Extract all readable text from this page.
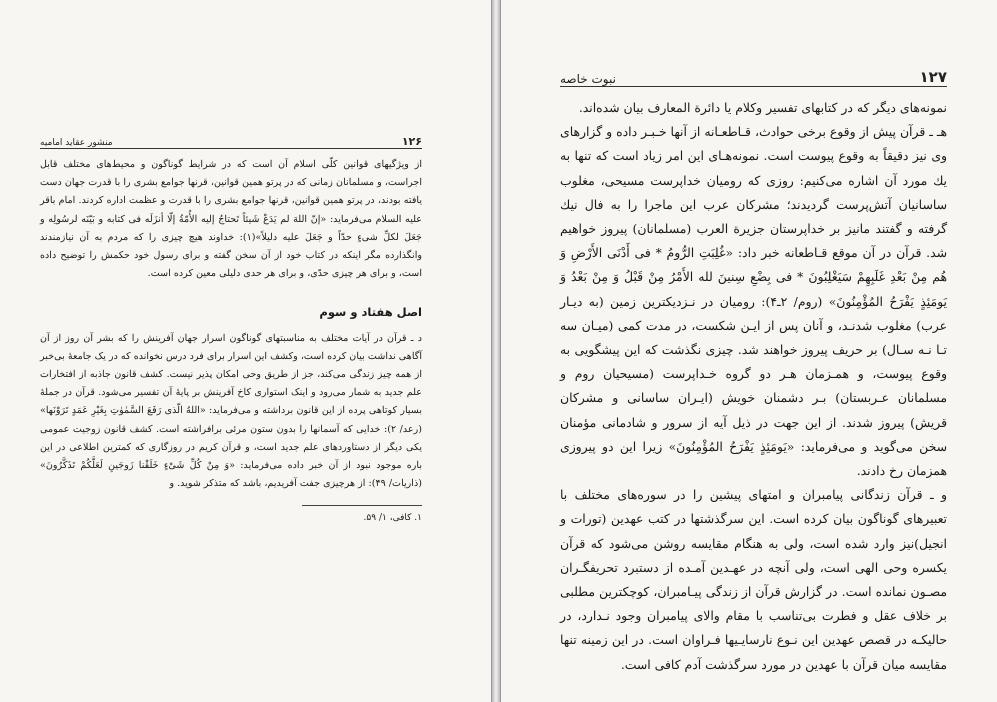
۱۲۶
منشور عقاید امامیه

از ویژگیهای قوانین کلّی اسلام آن است که در شرایط گوناگون و محیط‌های مختلف قابل اجراست، و مسلمانان زمانی که در پرتو همین قوانین، قرنها جوامع بشری را با قدرت جهان دست یافته بودند، در پرتو همین قوانین، قرنها جوامع بشری را با قدرت و عظمت اداره کردند. امام باقر علیه السلام می‌فرماید: «إنّ اللهَ لم یَدَعْ شَیئاً تَحتاجُ إلیه الأُمّةُ إلّا أنزَلَه فی کتابه و بَیّنَه لرسُولِه و جَعَلَ لکلِّ شیءٍ حدّاً و جَعَلَ علیه دلیلاً»(۱): خداوند هیچ چیزی را که مردم به آن نیازمندند وانگذارده مگر اینکه در کتاب خود از آن سخن گفته و برای رسول خود حکمش را توضیح داده است، و برای هر چیزی حدّی، و برای هر حدی دلیلی معین کرده است.

اصل هفتاد و سوم

د ـ قرآن در آیات مختلف به مناسبتهای گوناگون اسرار جهان آفرینش را که بشر آن روز از آن آگاهی نداشت بیان کرده است، وکشف این اسرار برای فرد درس نخوانده که در یک جامعهٔ بی‌خبر از همه چیز زندگی می‌کند، جز از طریق وحی امکان پذیر نیست. کشف قانون جاذبه از افتخارات علم جدید به شمار می‌رود و اینک استواری کاخ آفرینش بر پایهٔ آن تفسیر می‌شود. قرآن در جملهٔ بسیار کوتاهی پرده از این قانون برداشته و می‌فرماید: «اللهُ الّذی رَفَعَ السَّمٰوٰتِ بِغَیْرِ عَمَدٍ تَرَوْنَها» (رعد/ ۲): خدایی که آسمانها را بدون ستون مرئی برافراشته است. کشف قانون زوجیت عمومی یکی دیگر از دستاوردهای علم جدید است، و قرآن کریم در روزگاری که کمترین اطلاعی در این باره موجود نبود از آن خبر داده می‌فرماید: «وَ مِنْ کُلِّ شَیْءٍ خَلَقْنا زَوجَینِ لَعَلَّکُمْ تَذَکَّرُونَ» (ذاریات/ ۴۹): از هرچیزی جفت آفریدیم، باشد که متذکر شوید. و

۱. کافی، ۱/ ۵۹.
۱۲۷
نبوت خاصه

نمونه‌های دیگر که در کتابهای تفسیر وکلام یا دائرة المعارف بیان شده‌اند.

هـ ـ قرآن پیش از وقوع برخی حوادث، قـاطعـانه از آنها خـبـر داده و گزارهای وی نیز دقیقاً به وقوع پیوست است. نمونه‌هـای این امر زیاد است که تنها به یك مورد آن اشاره می‌کنیم: روزی که رومیان خداپرست مسیحی، مغلوب ساسانیان آتش‌پرست گردیدند؛ مشرکان عرب این ماجرا را به فال نیك گرفته و گفتند مانیز بر خداپرستان جزیرة العرب (مسلمانان) پیروز خواهیم شد. قرآن در آن موقع قـاطعانه خبر داد: «غُلِبَتِ الرُّومُ * فی أَدْنَی الأَرْضِ وَ هُم مِنْ بَعْدِ غَلَبِهِمْ سَیَغْلِبُونَ * فی بِضْعِ سِنینَ لله الأَمْرُ مِنْ قَبْلُ وَ مِنْ بَعْدُ وَ یَومَئِذٍ یَفْرَحُ المُؤْمِنُونَ» (روم/ ۲ـ۴): رومیان در نـزدیکترین زمین (به دیـار عرب) مغلوب شدنـد، و آنان پس از ایـن شکست، در مدت کمی (میـان سه تـا نـه سـال) بر حریف پیروز خواهند شد. چیزی نگذشت که این پیشگویی به وقوع پیوست، و همـزمان هـر دو گروه خـداپرست (مسیحیان روم و مسلمانان عـربستان) بـر دشمنان خویش (ایـران ساسانی و مشرکان قریش) پیروز شدند. از این جهت در ذیل آیه از سرور و شادمانی مؤمنان سخن می‌گوید و می‌فرماید: «یَومَئِذٍ یَفْرَحُ المُؤْمِنُونَ» زیرا این دو پیروزی همزمان رخ دادند.

و ـ قرآن زندگانی پیامبران و امتهای پیشین را در سوره‌های مختلف با تعبیرهای گوناگون بیان کرده است. این سرگذشتها در کتب عهدین (تورات و انجیل)نیز وارد شده است، ولی به هنگام مقایسه روشن می‌شود که قرآن یکسره وحی الهی است، ولی آنچه در عهـدین آمـده از دستبرد تحریفگـران مصـون نمانده است. در گزارش قرآن از زندگی پیـامبران، کوچکترین مطلبی بر خلاف عقل و فطرت بی‌تناسب با مقام والای پیامبران وجود نـدارد، در حالیکـه در قصص عهدین این نـوع نارسایـیها فـراوان است. در این زمینه تنها مقایسه میان قرآن با عهدین در مورد سرگذشت آدم کافی است.
